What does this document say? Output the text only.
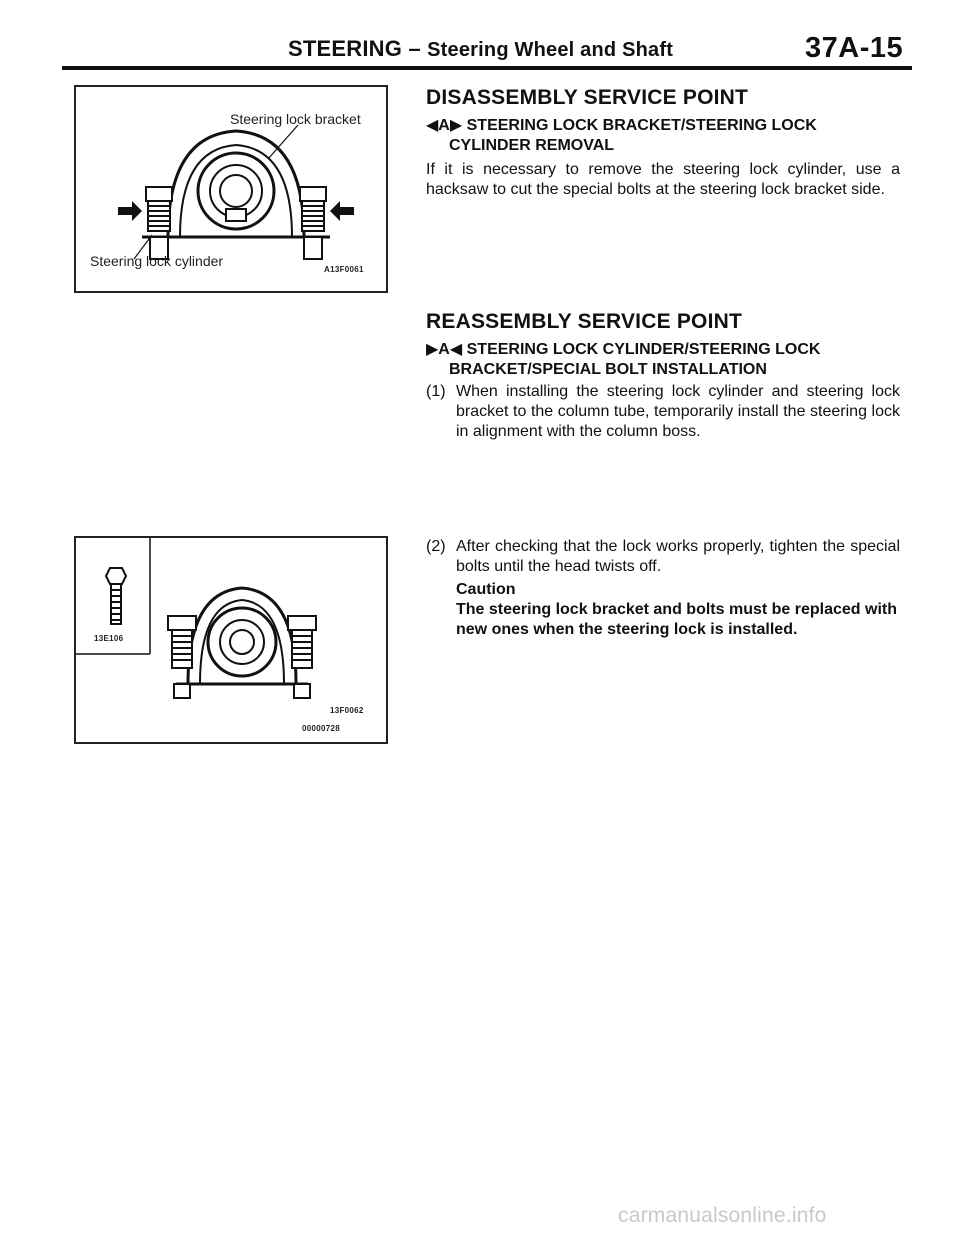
STEERING – Steering Wheel and Shaft	37A-15
Steering lock bracket
Steering lock cylinder
A13F0061
DISASSEMBLY SERVICE POINT
◀A▶ STEERING LOCK BRACKET/STEERING LOCK
CYLINDER REMOVAL
If it is necessary to remove the steering lock cylinder, use a hacksaw to cut the special bolts at the steering lock bracket side.
REASSEMBLY SERVICE POINT
▶A◀ STEERING LOCK CYLINDER/STEERING LOCK
BRACKET/SPECIAL BOLT INSTALLATION
(1) When installing the steering lock cylinder and steering lock bracket to the column tube, temporarily install the steering lock in alignment with the column boss.
13E106
13F0062
00000728
(2) After checking that the lock works properly, tighten the special bolts until the head twists off.
Caution
The steering lock bracket and bolts must be replaced with new ones when the steering lock is installed.
carmanualsonline.info
